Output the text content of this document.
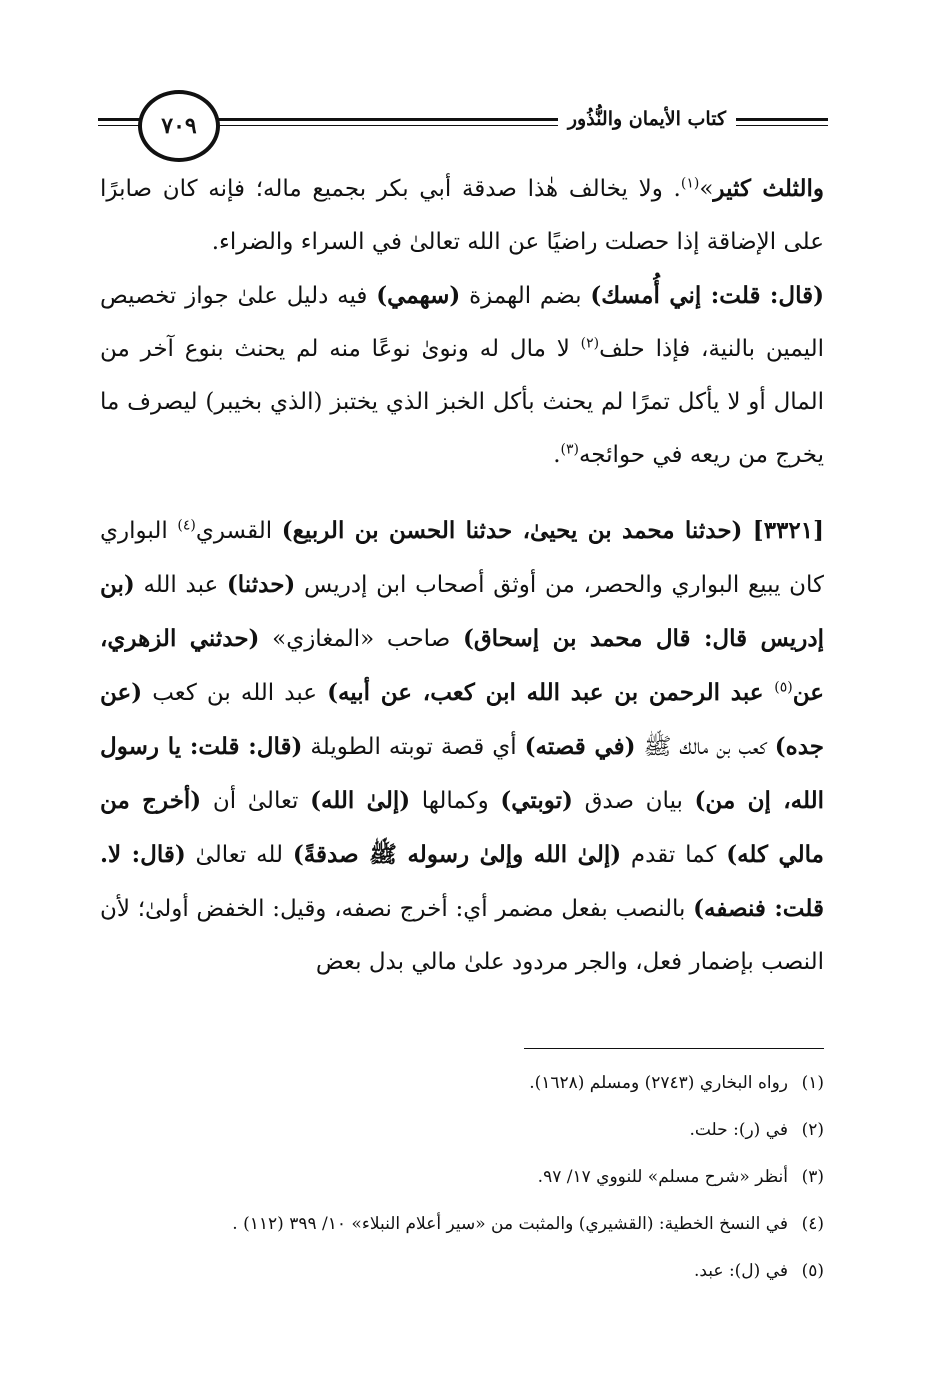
كتاب الأيمان والنُّذُور
٧٠٩

والثلث كثير»$^{(١)}$. ولا يخالف هٰذا صدقة أبي بكر بجميع ماله؛ فإنه كان صابرًا على الإضاقة إذا حصلت راضيًا عن الله تعالىٰ في السراء والضراء.

(قال: قلت: إني أُمسك) بضم الهمزة (سهمي) فيه دليل علىٰ جواز تخصيص اليمين بالنية، فإذا حلف$^{(٢)}$ لا مال له ونوىٰ نوعًا منه لم يحنث بنوع آخر من المال أو لا يأكل تمرًا لم يحنث بأكل الخبز الذي يختبز (الذي بخيبر) ليصرف ما يخرج من ريعه في حوائجه$^{(٣)}$.

[٣٣٢١] (حدثنا محمد بن يحيىٰ، حدثنا الحسن بن الربيع) القسري$^{(٤)}$ البواري كان يبيع البواري والحصر، من أوثق أصحاب ابن إدريس (حدثنا) عبد الله (بن إدريس قال: قال محمد بن إسحاق) صاحب «المغازي» (حدثني الزهري، عن$^{(٥)}$ عبد الرحمن بن عبد الله ابن كعب، عن أبيه) عبد الله بن كعب (عن جده) كعب بن مالك ﷺ (في قصته) أي قصة توبته الطويلة (قال: قلت: يا رسول الله، إن من) بيان صدق (توبتي) وكمالها (إلىٰ الله) تعالىٰ أن (أخرج من مالي كله) كما تقدم (إلىٰ الله وإلىٰ رسوله ﷺ صدقةً) لله تعالىٰ (قال: لا. قلت: فنصفه) بالنصب بفعل مضمر أي: أخرج نصفه، وقيل: الخفض أولىٰ؛ لأن النصب بإضمار فعل، والجر مردود علىٰ مالي بدل بعض

(١)
رواه البخاري (٢٧٤٣) ومسلم (١٦٢٨).
(٢)
في (ر): حلت.
(٣)
أنظر «شرح مسلم» للنووي ١٧/ ٩٧.
(٤)
في النسخ الخطية: (القشيري) والمثبت من «سير أعلام النبلاء» ١٠/ ٣٩٩ (١١٢) .
(٥)
في (ل): عبد.
